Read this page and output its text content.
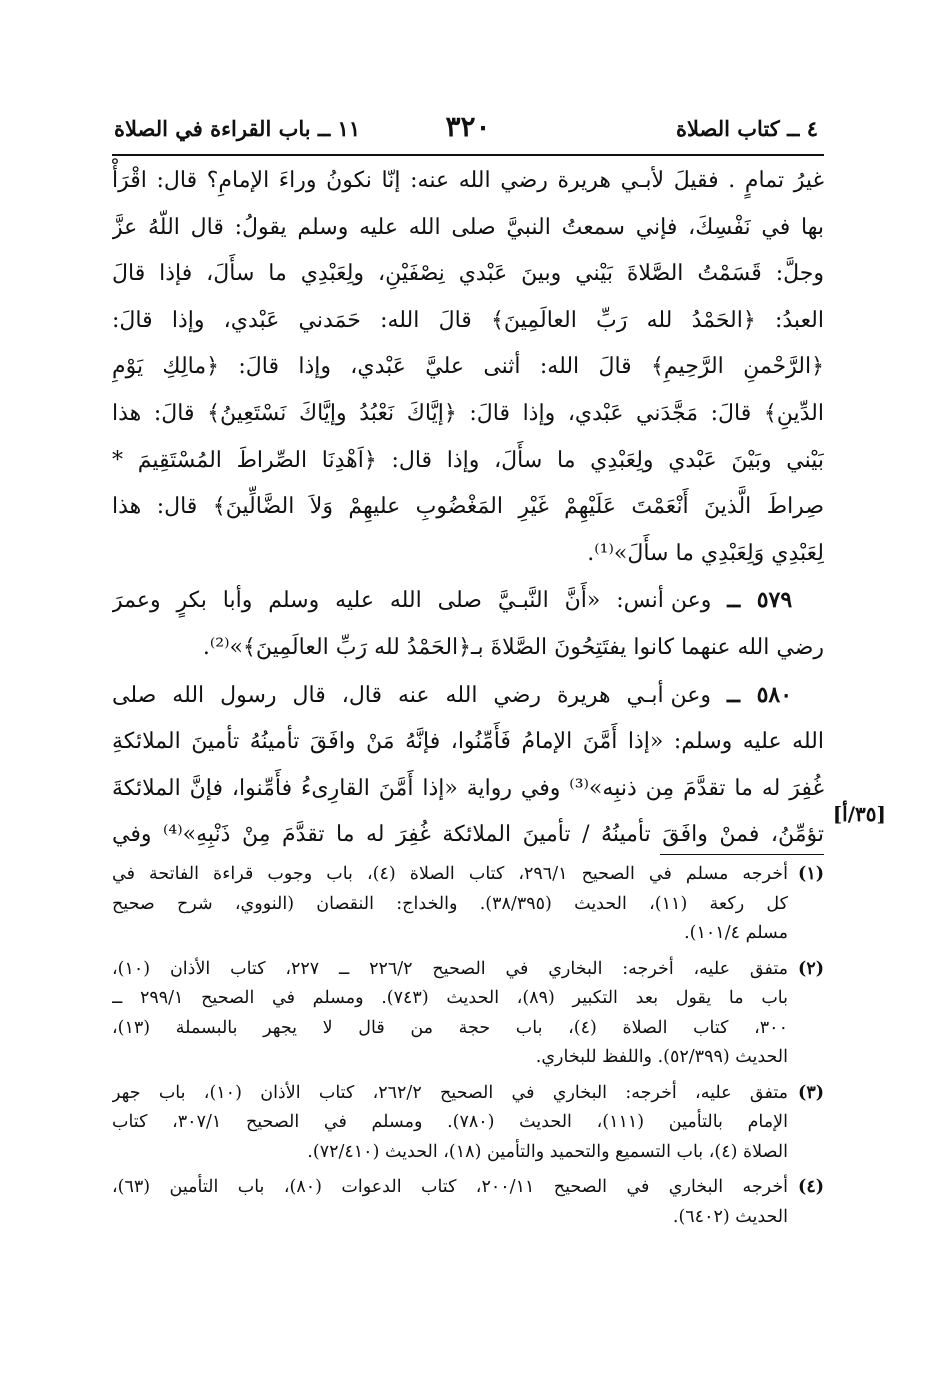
٤ ــ كتاب الصلاة
٣٢٠
١١ ــ باب القراءة في الصلاة

غيرُ تمامٍ . فقيلَ لأبـي هريرة رضي الله عنه: إنّا نكونُ وراءَ الإمامِ؟ قال: اقْرَأْ
بها في نَفْسِكَ، فإني سمعتُ النبيَّ صلى الله عليه وسلم يقولُ: قال اللّهُ عزَّ
وجلَّ: قَسَمْتُ الصَّلاةَ بَيْني وبينَ عَبْدي نِصْفَيْنِ، ولِعَبْدِي ما سأَلَ، فإذا قالَ
العبدُ: ﴿الحَمْدُ لله رَبِّ العالَمِينَ﴾ قالَ الله: حَمَدني عَبْدي، وإذا قالَ:
﴿الرَّحْمنِ الرَّحِيمِ﴾ قالَ الله: أثنى عليَّ عَبْدي، وإذا قالَ: ﴿مالِكِ يَوْمِ
الدِّينِ﴾ قالَ: مَجَّدَني عَبْدي، وإذا قالَ: ﴿إيَّاكَ نَعْبُدُ وإيَّاكَ نَسْتَعِينُ﴾ قالَ: هذا
بَيْني وبَيْنَ عَبْدي ولِعَبْدِي ما سأَلَ، وإذا قال: ﴿اَهْدِنَا الصِّراطَ المُسْتَقِيمَ *
صِراطَ الَّذينَ أَنْعَمْتَ عَلَيْهِمْ غَيْرِ المَغْضُوبِ عليهِمْ وَلاَ الضَّالِّينَ﴾ قال: هذا
لِعَبْدِي وَلِعَبْدِي ما سأَلَ»⁽¹⁾.

٥٧٩ ــ وعن أنس: «أَنَّ النَّبـيَّ صلى الله عليه وسلم وأبا بكرٍ وعمرَ
رضي الله عنهما كانوا يفتَتِحُونَ الصَّلاةَ بـ﴿الحَمْدُ لله رَبِّ العالَمِينَ﴾»⁽²⁾.

٥٨٠ ــ وعن أبـي هريرة رضي الله عنه قال، قال رسول الله صلى
الله عليه وسلم: «إذا أَمَّنَ الإمامُ فَأَمِّنُوا، فإنَّهُ مَنْ وافَقَ تأمينُهُ تأمينَ الملائكةِ
غُفِرَ له ما تقدَّمَ مِن ذنبِه»⁽³⁾ وفي رواية «إذا أَمَّنَ القارِىءُ فأَمِّنوا، فإنَّ الملائكةَ
تؤمِّنُ، فمنْ وافَقَ تأمينُهُ / تأمينَ الملائكة غُفِرَ له ما تقدَّمَ مِنْ ذَنْبِهِ»⁽⁴⁾ وفي

[٣٥/أ]
(١)
أخرجه مسلم في الصحيح ٢٩٦/١، كتاب الصلاة (٤)، باب وجوب قراءة الفاتحة في
كل ركعة (١١)، الحديث (٣٨/٣٩٥). والخداج: النقصان (النووي، شرح صحيح
مسلم ١٠١/٤).
(٢)
متفق عليه، أخرجه: البخاري في الصحيح ٢٢٦/٢ ــ ٢٢٧، كتاب الأذان (١٠)،
باب ما يقول بعد التكبير (٨٩)، الحديث (٧٤٣). ومسلم في الصحيح ٢٩٩/١ ــ
٣٠٠، كتاب الصلاة (٤)، باب حجة من قال لا يجهر بالبسملة (١٣)،
الحديث (٥٢/٣٩٩). واللفظ للبخاري.
(٣)
متفق عليه، أخرجه: البخاري في الصحيح ٢٦٢/٢، كتاب الأذان (١٠)، باب جهر
الإمام بالتأمين (١١١)، الحديث (٧٨٠). ومسلم في الصحيح ٣٠٧/١، كتاب
الصلاة (٤)، باب التسميع والتحميد والتأمين (١٨)، الحديث (٧٢/٤١٠).
(٤)
أخرجه البخاري في الصحيح ٢٠٠/١١، كتاب الدعوات (٨٠)، باب التأمين (٦٣)،
الحديث (٦٤٠٢).
